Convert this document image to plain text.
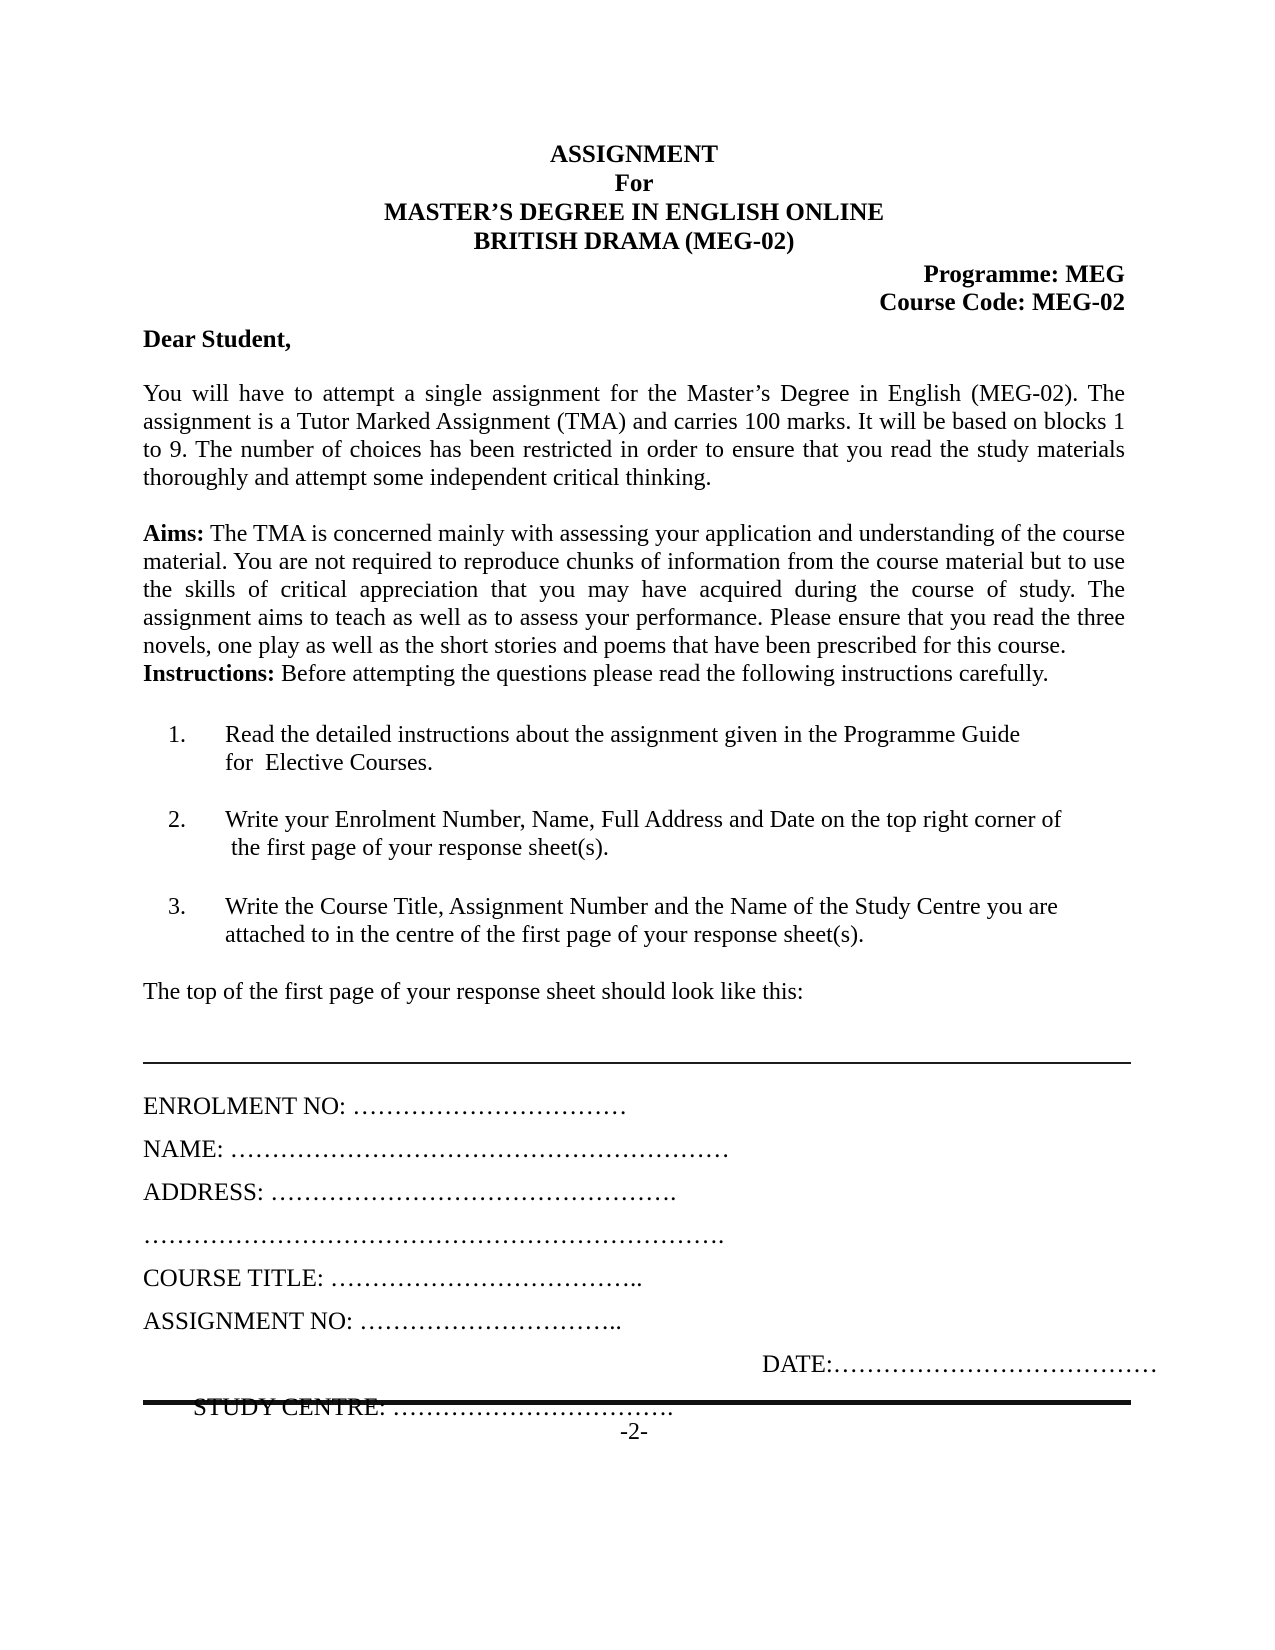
ASSIGNMENT
For
MASTER’S DEGREE IN ENGLISH ONLINE
BRITISH DRAMA (MEG-02)
Programme: MEG
Course Code: MEG-02

Dear Student,

You will have to attempt a single assignment for the Master’s Degree in English (MEG-02). The assignment is a Tutor Marked Assignment (TMA) and carries 100 marks. It will be based on blocks 1 to 9. The number of choices has been restricted in order to ensure that you read the study materials thoroughly and attempt some independent critical thinking.

Aims: The TMA is concerned mainly with assessing your application and understanding of the course material. You are not required to reproduce chunks of information from the course material but to use the skills of critical appreciation that you may have acquired during the course of study. The assignment aims to teach as well as to assess your performance. Please ensure that you read the three novels, one play as well as the short stories and poems that have been prescribed for this course.

Instructions: Before attempting the questions please read the following instructions carefully.

1.	Read the detailed instructions about the assignment given in the Programme Guide
for  Elective Courses.
2.	Write your Enrolment Number, Name, Full Address and Date on the top right corner of
the first page of your response sheet(s).
3.	Write the Course Title, Assignment Number and the Name of the Study Centre you are
attached to in the centre of the first page of your response sheet(s).

The top of the first page of your response sheet should look like this:

ENROLMENT NO: ……………………………
NAME: ……………………………………………………
ADDRESS: ………………………………………….
…………………………………………………………….
COURSE TITLE: ………………………………..
ASSIGNMENT NO: …………………………..

STUDY CENTRE: …………………………….

DATE:…………………………………

-2-
